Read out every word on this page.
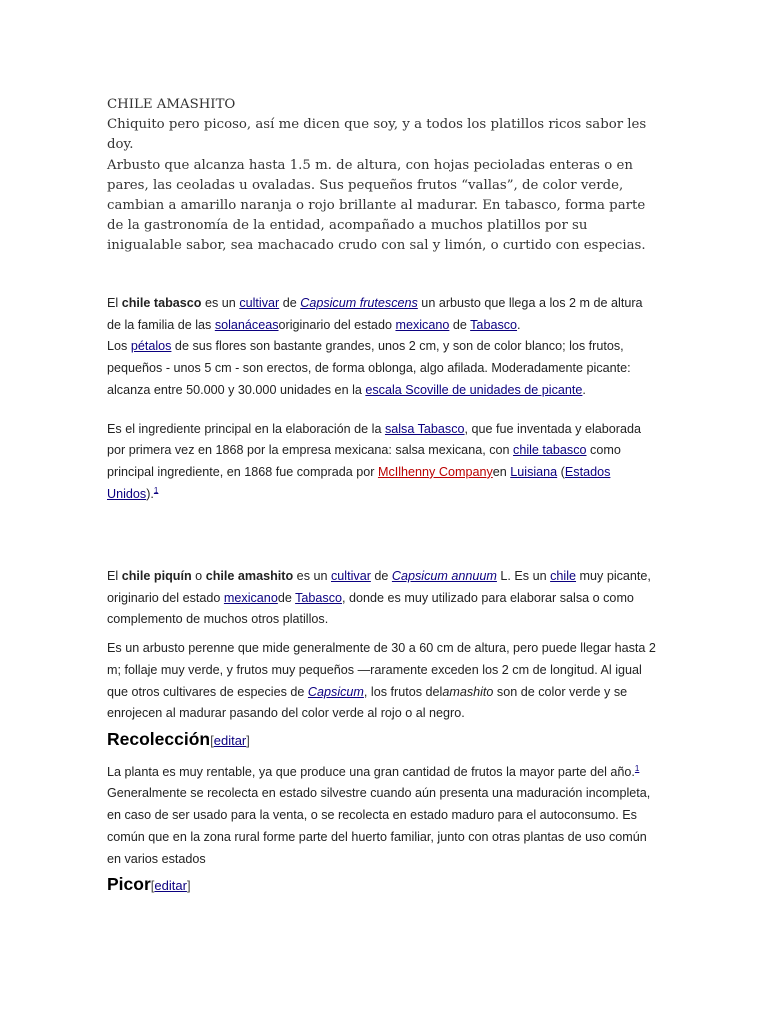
CHILE AMASHITO

Chiquito pero picoso, así me dicen que soy, y a todos los platillos ricos sabor les doy.

Arbusto que alcanza hasta 1.5 m. de altura, con hojas pecioladas enteras o en pares, las ceoladas u ovaladas. Sus pequeños frutos “vallas”, de color verde, cambian a amarillo naranja o rojo brillante al madurar. En tabasco, forma parte de la gastronomía de la entidad, acompañado a muchos platillos por su inigualable sabor, sea machacado crudo con sal y limón, o curtido con especias.

El chile tabasco es un cultivar de Capsicum frutescens un arbusto que llega a los 2 m de altura de la familia de las solanáceasoriginario del estado mexicano de Tabasco.
Los pétalos de sus flores son bastante grandes, unos 2 cm, y son de color blanco; los frutos, pequeños - unos 5 cm - son erectos, de forma oblonga, algo afilada. Moderadamente picante: alcanza entre 50.000 y 30.000 unidades en la escala Scoville de unidades de picante.

Es el ingrediente principal en la elaboración de la salsa Tabasco, que fue inventada y elaborada por primera vez en 1868 por la empresa mexicana: salsa mexicana, con chile tabasco como principal ingrediente, en 1868 fue comprada por McIlhenny Companyen Luisiana (Estados Unidos).$^1$

El chile piquín o chile amashito es un cultivar de Capsicum annuum L. Es un chile muy picante, originario del estado mexicanode Tabasco, donde es muy utilizado para elaborar salsa o como complemento de muchos otros platillos.

Es un arbusto perenne que mide generalmente de 30 a 60 cm de altura, pero puede llegar hasta 2 m; follaje muy verde, y frutos muy pequeños —raramente exceden los 2 cm de longitud. Al igual que otros cultivares de especies de Capsicum, los frutos delamashito son de color verde y se enrojecen al madurar pasando del color verde al rojo o al negro.

Recolección[editar]

La planta es muy rentable, ya que produce una gran cantidad de frutos la mayor parte del año.$^1$ Generalmente se recolecta en estado silvestre cuando aún presenta una maduración incompleta, en caso de ser usado para la venta, o se recolecta en estado maduro para el autoconsumo. Es común que en la zona rural forme parte del huerto familiar, junto con otras plantas de uso común en varios estados

Picor[editar]
